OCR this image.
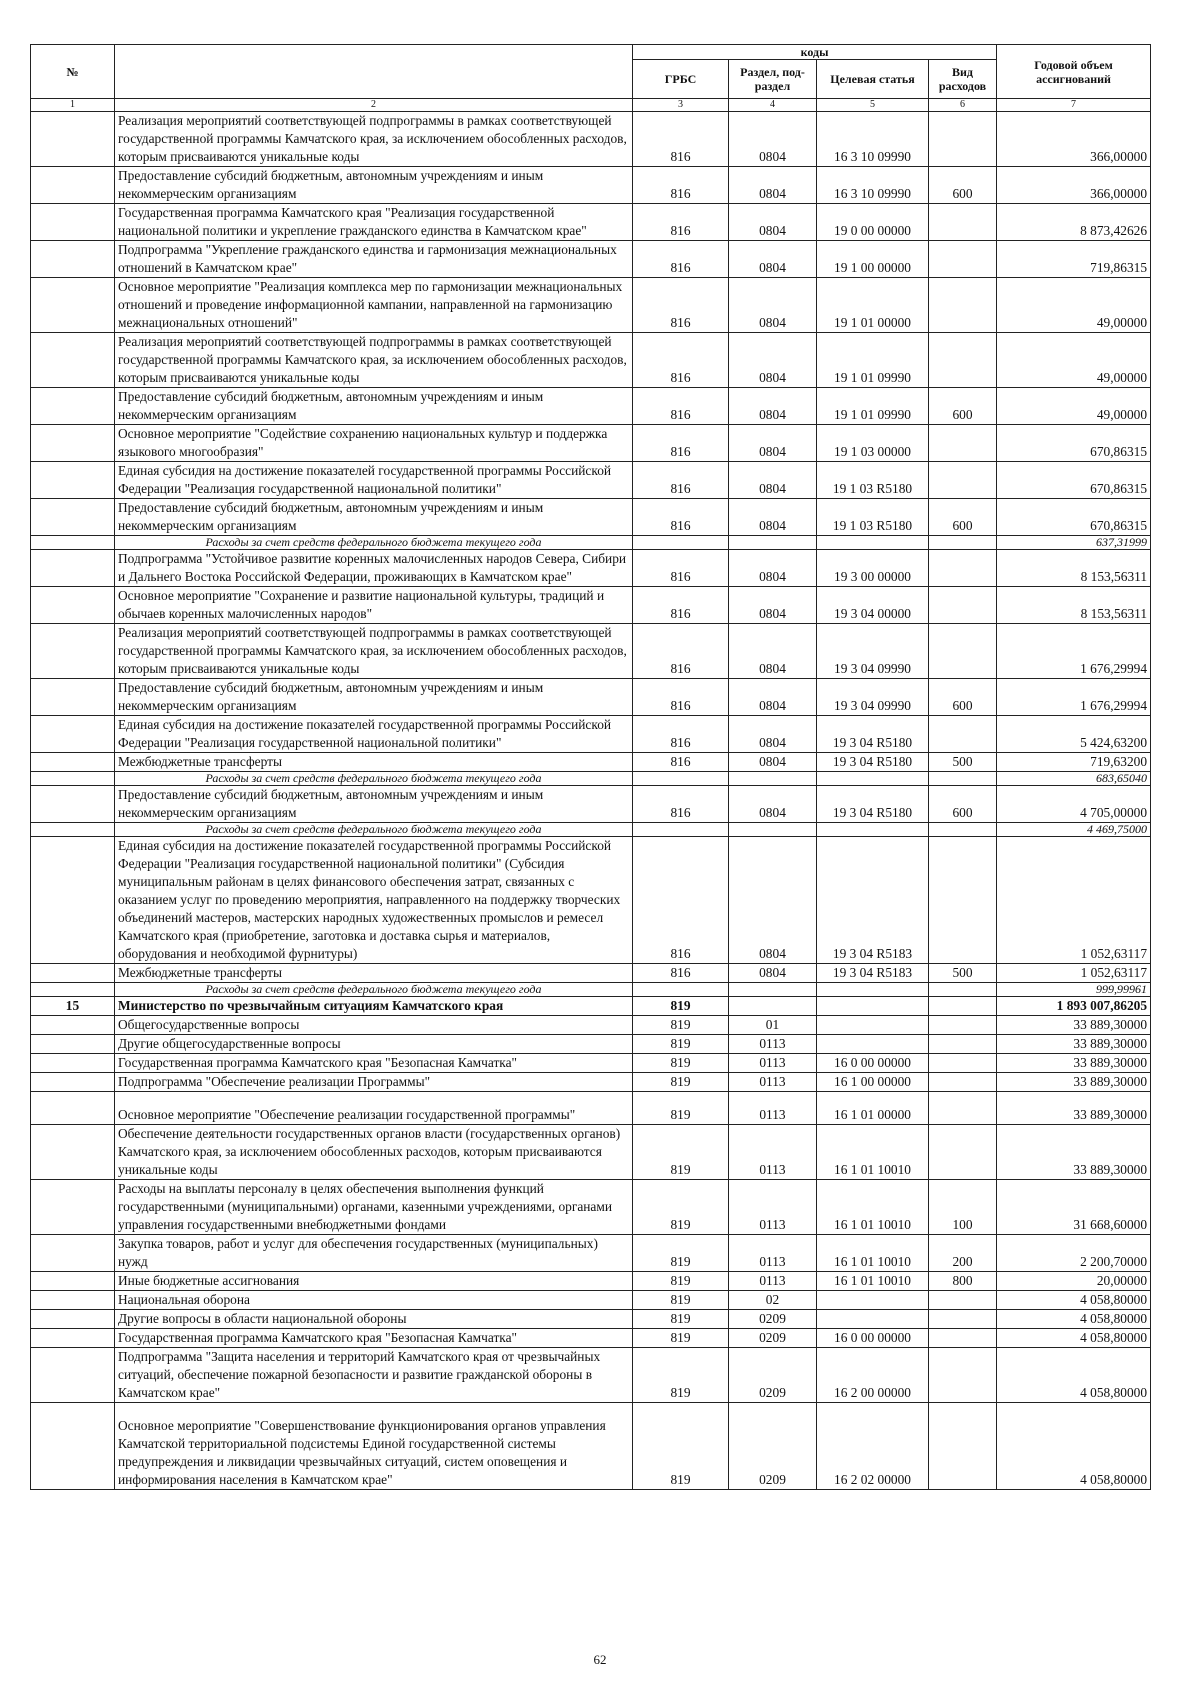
№		коды				Годовой объем ассигнований
		ГРБС	Раздел, под-раздел	Целевая статья	Вид расходов	
1	2	3	4	5	6	7
	Реализация мероприятий соответствующей подпрограммы в рамках соответствующей государственной программы Камчатского края, за исключением обособленных расходов, которым присваиваются уникальные коды	816	0804	16 3 10 09990		366,00000
	Предоставление субсидий бюджетным, автономным учреждениям и иным некоммерческим организациям	816	0804	16 3 10 09990	600	366,00000
	Государственная программа Камчатского края "Реализация государственной национальной политики и укрепление гражданского единства в Камчатском крае"	816	0804	19 0 00 00000		8 873,42626
	Подпрограмма "Укрепление гражданского единства и гармонизация межнациональных отношений в Камчатском крае"	816	0804	19 1 00 00000		719,86315
	Основное мероприятие "Реализация комплекса мер по гармонизации межнациональных отношений и проведение информационной кампании, направленной на гармонизацию межнациональных отношений"	816	0804	19 1 01 00000		49,00000
	Реализация мероприятий соответствующей подпрограммы в рамках соответствующей государственной программы Камчатского края, за исключением обособленных расходов, которым присваиваются уникальные коды	816	0804	19 1 01 09990		49,00000
	Предоставление субсидий бюджетным, автономным учреждениям и иным некоммерческим организациям	816	0804	19 1 01 09990	600	49,00000
	Основное мероприятие "Содействие сохранению национальных культур и поддержка языкового многообразия"	816	0804	19 1 03 00000		670,86315
	Единая субсидия на достижение показателей государственной программы Российской Федерации "Реализация государственной национальной политики"	816	0804	19 1 03 R5180		670,86315
	Предоставление субсидий бюджетным, автономным учреждениям и иным некоммерческим организациям	816	0804	19 1 03 R5180	600	670,86315
	Расходы за счет средств федерального бюджета текущего года					637,31999
	Подпрограмма "Устойчивое развитие коренных малочисленных народов Севера, Сибири и Дальнего Востока Российской Федерации, проживающих в Камчатском крае"	816	0804	19 3 00 00000		8 153,56311
	Основное мероприятие "Сохранение и развитие национальной культуры, традиций и обычаев коренных малочисленных народов"	816	0804	19 3 04 00000		8 153,56311
	Реализация мероприятий соответствующей подпрограммы в рамках соответствующей государственной программы Камчатского края, за исключением обособленных расходов, которым присваиваются уникальные коды	816	0804	19 3 04 09990		1 676,29994
	Предоставление субсидий бюджетным, автономным учреждениям и иным некоммерческим организациям	816	0804	19 3 04 09990	600	1 676,29994
	Единая субсидия на достижение показателей государственной программы Российской Федерации "Реализация государственной национальной политики"	816	0804	19 3 04 R5180		5 424,63200
	Межбюджетные трансферты	816	0804	19 3 04 R5180	500	719,63200
	Расходы за счет средств федерального бюджета текущего года					683,65040
	Предоставление субсидий бюджетным, автономным учреждениям и иным некоммерческим организациям	816	0804	19 3 04 R5180	600	4 705,00000
	Расходы за счет средств федерального бюджета текущего года					4 469,75000
	Единая субсидия на достижение показателей государственной программы Российской Федерации "Реализация государственной национальной политики" (Субсидия муниципальным районам в целях финансового обеспечения затрат, связанных с оказанием услуг по проведению мероприятия, направленного на поддержку творческих объединений мастеров, мастерских народных художественных промыслов и ремесел Камчатского края (приобретение, заготовка и доставка сырья и материалов, оборудования и необходимой фурнитуры)	816	0804	19 3 04 R5183		1 052,63117
	Межбюджетные трансферты	816	0804	19 3 04 R5183	500	1 052,63117
	Расходы за счет средств федерального бюджета текущего года					999,99961
15	Министерство по чрезвычайным ситуациям Камчатского края	819				1 893 007,86205
	Общегосударственные вопросы	819	01			33 889,30000
	Другие общегосударственные вопросы	819	0113			33 889,30000
	Государственная программа Камчатского края "Безопасная Камчатка"	819	0113	16 0 00 00000		33 889,30000
	Подпрограмма "Обеспечение реализации Программы"	819	0113	16 1 00 00000		33 889,30000
	Основное мероприятие "Обеспечение реализации государственной программы"	819	0113	16 1 01 00000		33 889,30000
	Обеспечение деятельности государственных органов власти (государственных органов) Камчатского края, за исключением обособленных расходов, которым присваиваются уникальные коды	819	0113	16 1 01 10010		33 889,30000
	Расходы на выплаты персоналу в целях обеспечения выполнения функций государственными (муниципальными) органами, казенными учреждениями, органами управления государственными внебюджетными фондами	819	0113	16 1 01 10010	100	31 668,60000
	Закупка товаров, работ и услуг для обеспечения государственных (муниципальных) нужд	819	0113	16 1 01 10010	200	2 200,70000
	Иные бюджетные ассигнования	819	0113	16 1 01 10010	800	20,00000
	Национальная оборона	819	02			4 058,80000
	Другие вопросы в области национальной обороны	819	0209			4 058,80000
	Государственная программа Камчатского края "Безопасная Камчатка"	819	0209	16 0 00 00000		4 058,80000
	Подпрограмма "Защита населения и территорий Камчатского края от чрезвычайных ситуаций, обеспечение пожарной безопасности и развитие гражданской обороны в Камчатском крае"	819	0209	16 2 00 00000		4 058,80000
	Основное мероприятие "Совершенствование функционирования органов управления Камчатской территориальной подсистемы Единой государственной системы предупреждения и ликвидации чрезвычайных ситуаций, систем оповещения и информирования населения в Камчатском крае"	819	0209	16 2 02 00000		4 058,80000
62
